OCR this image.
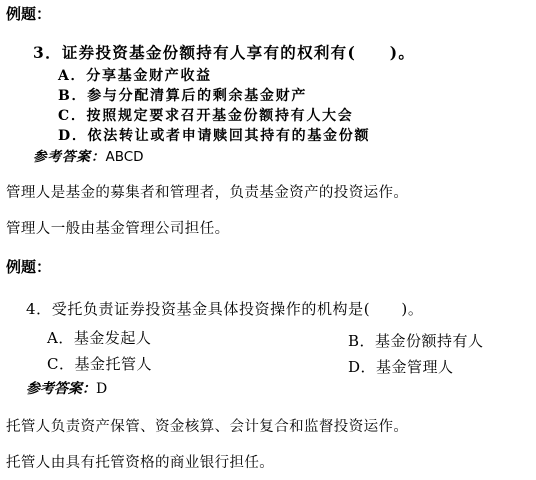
例题：
3．证券投资基金份额持有人享有的权利有(　　)。
A．分享基金财产收益
B．参与分配清算后的剩余基金财产
C．按照规定要求召开基金份额持有人大会
D．依法转让或者申请赎回其持有的基金份额
参考答案：ABCD
管理人是基金的募集者和管理者，负责基金资产的投资运作。
管理人一般由基金管理公司担任。
例题：
4．受托负责证券投资基金具体投资操作的机构是(　　)。
A．基金发起人	B．基金份额持有人
C．基金托管人	D．基金管理人
参考答案：D
托管人负责资产保管、资金核算、会计复合和监督投资运作。
托管人由具有托管资格的商业银行担任。
